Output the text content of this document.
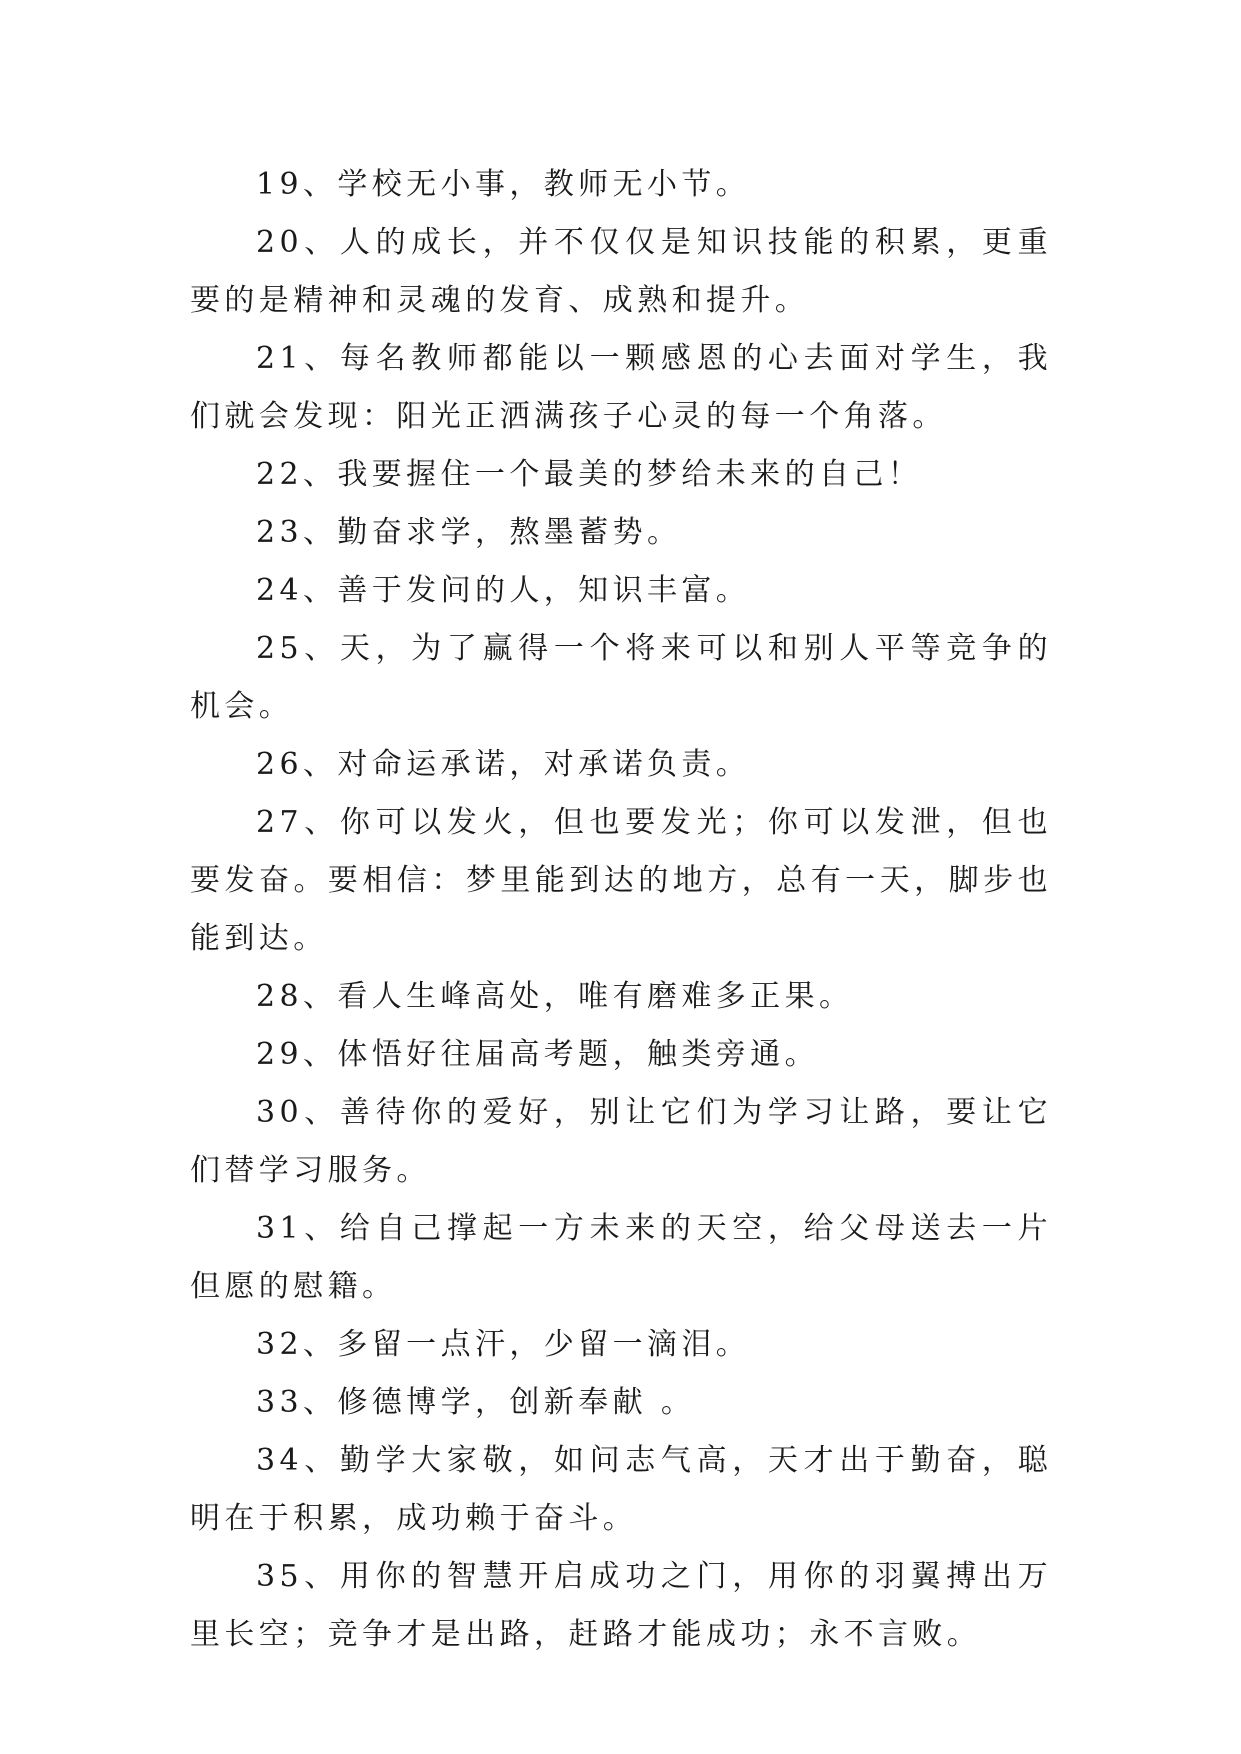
19、学校无小事，教师无小节。

20、人的成长，并不仅仅是知识技能的积累，更重要的是精神和灵魂的发育、成熟和提升。

21、每名教师都能以一颗感恩的心去面对学生，我们就会发现：阳光正洒满孩子心灵的每一个角落。

22、我要握住一个最美的梦给未来的自己！

23、勤奋求学，熬墨蓄势。

24、善于发问的人，知识丰富。

25、天，为了赢得一个将来可以和别人平等竞争的机会。

26、对命运承诺，对承诺负责。

27、你可以发火，但也要发光；你可以发泄，但也要发奋。要相信：梦里能到达的地方，总有一天，脚步也能到达。

28、看人生峰高处，唯有磨难多正果。

29、体悟好往届高考题，触类旁通。

30、善待你的爱好，别让它们为学习让路，要让它们替学习服务。

31、给自己撑起一方未来的天空，给父母送去一片但愿的慰籍。

32、多留一点汗，少留一滴泪。

33、修德博学，创新奉献 。

34、勤学大家敬，如问志气高，天才出于勤奋，聪明在于积累，成功赖于奋斗。

35、用你的智慧开启成功之门，用你的羽翼搏出万里长空；竞争才是出路，赶路才能成功；永不言败。
